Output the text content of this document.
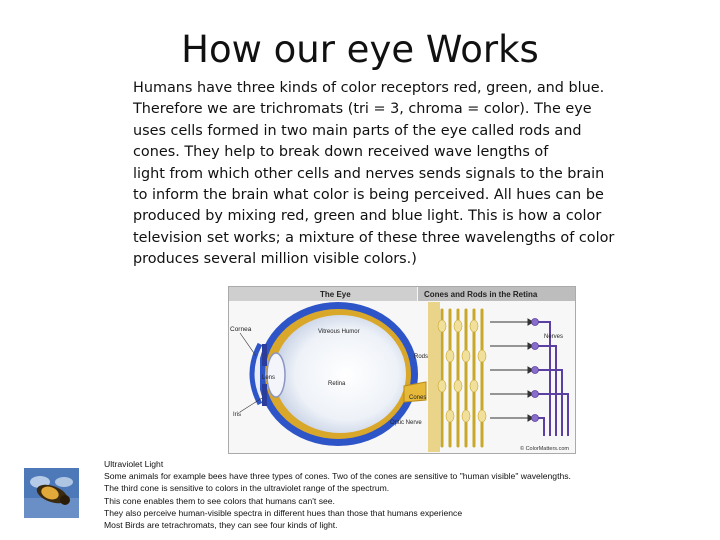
How our eye Works
Humans have three kinds of color receptors red, green, and blue.
Therefore we are trichromats (tri = 3, chroma = color). The eye
uses cells formed in two main parts of the eye called rods and
cones. They help to break down received wave lengths of
light from which other cells and nerves sends signals to the brain
to inform the brain what color is being perceived. All hues can be
produced by mixing red, green and blue light. This is how a color
television set works; a mixture of these three wavelengths of color
produces several million visible colors.)
The Eye	Cones and Rods in the Retina
Cornea	Vitreous Humor
Lens
Retina
Iris
Optic Nerve
Nerves
Rods
Cones
© ColorMatters.com
Ultraviolet Light
Some animals for example bees have three types of cones. Two of the cones are sensitive to "human visible" wavelengths.
The third cone is sensitive to colors in the ultraviolet range of the spectrum.
This cone enables them to see colors that humans can't see.
They also perceive human-visible spectra in different hues than those that humans experience
Most Birds are tetrachromats, they can see four kinds of light.
